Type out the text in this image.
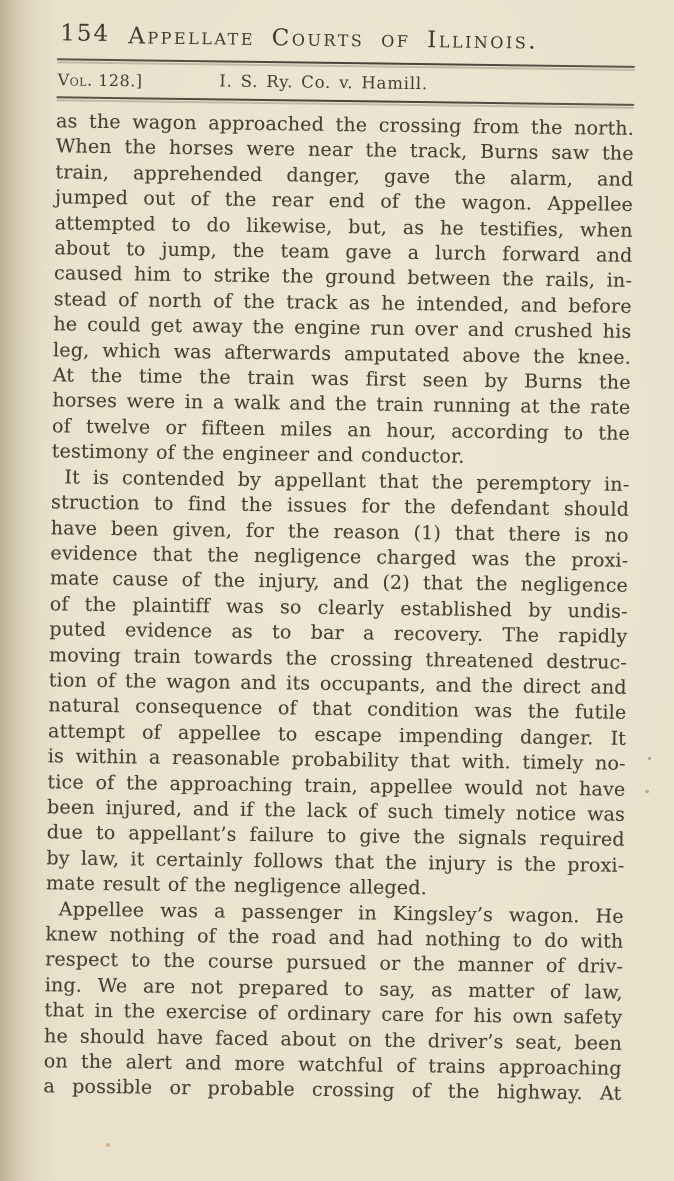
154 Appellate Courts of Illinois.
Vol. 128.]	I. S. Ry. Co. v. Hamill.
as the wagon approached the crossing from the north.
When the horses were near the track, Burns saw the
train, apprehended danger, gave the alarm, and
jumped out of the rear end of the wagon. Appellee
attempted to do likewise, but, as he testifies, when
about to jump, the team gave a lurch forward and
caused him to strike the ground between the rails, in-
stead of north of the track as he intended, and before
he could get away the engine run over and crushed his
leg, which was afterwards amputated above the knee.
At the time the train was first seen by Burns the
horses were in a walk and the train running at the rate
of twelve or fifteen miles an hour, according to the
testimony of the engineer and conductor.
It is contended by appellant that the peremptory in-
struction to find the issues for the defendant should
have been given, for the reason (1) that there is no
evidence that the negligence charged was the proxi-
mate cause of the injury, and (2) that the negligence
of the plaintiff was so clearly established by undis-
puted evidence as to bar a recovery. The rapidly
moving train towards the crossing threatened destruc-
tion of the wagon and its occupants, and the direct and
natural consequence of that condition was the futile
attempt of appellee to escape impending danger. It
is within a reasonable probability that with. timely no-
tice of the approaching train, appellee would not have
been injured, and if the lack of such timely notice was
due to appellant’s failure to give the signals required
by law, it certainly follows that the injury is the proxi-
mate result of the negligence alleged.
Appellee was a passenger in Kingsley’s wagon. He
knew nothing of the road and had nothing to do with
respect to the course pursued or the manner of driv-
ing. We are not prepared to say, as matter of law,
that in the exercise of ordinary care for his own safety
he should have faced about on the driver’s seat, been
on the alert and more watchful of trains approaching
a possible or probable crossing of the highway. At
